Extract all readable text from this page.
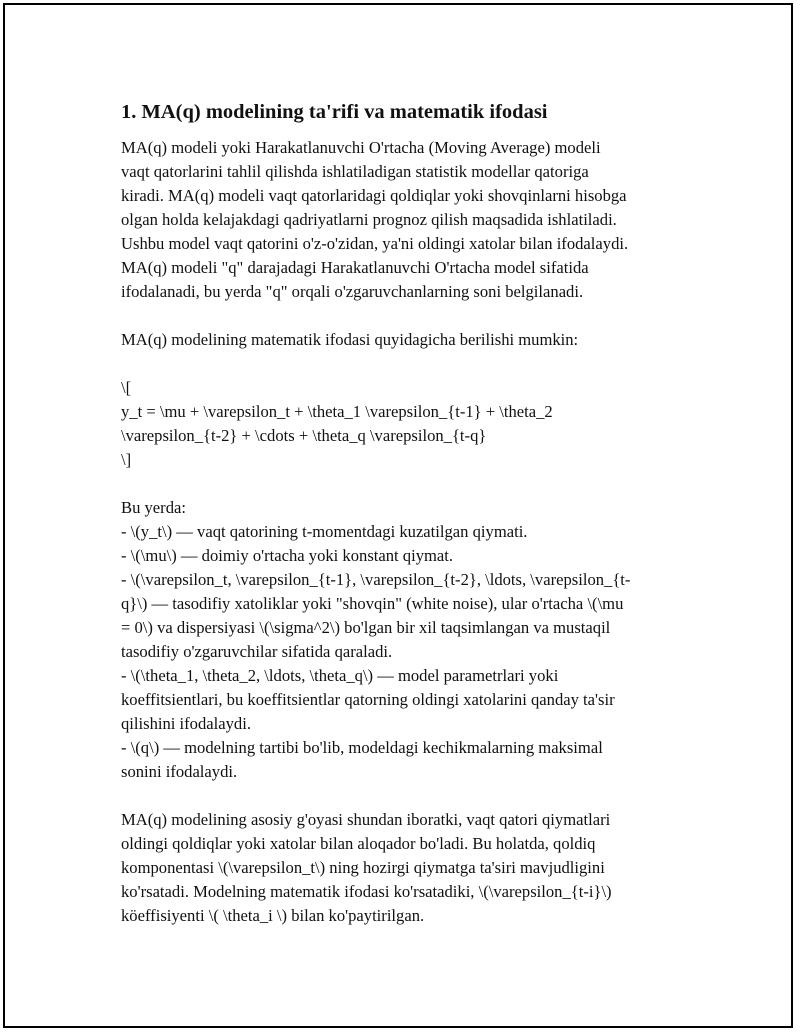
1. MA(q) modelining ta'rifi va matematik ifodasi

MA(q) modeli yoki Harakatlanuvchi O'rtacha (Moving Average) modeli
vaqt qatorlarini tahlil qilishda ishlatiladigan statistik modellar qatoriga
kiradi. MA(q) modeli vaqt qatorlaridagi qoldiqlar yoki shovqinlarni hisobga
olgan holda kelajakdagi qadriyatlarni prognoz qilish maqsadida ishlatiladi.
Ushbu model vaqt qatorini o'z-o'zidan, ya'ni oldingi xatolar bilan ifodalaydi.
MA(q) modeli "q" darajadagi Harakatlanuvchi O'rtacha model sifatida
ifodalanadi, bu yerda "q" orqali o'zgaruvchanlarning soni belgilanadi.

MA(q) modelining matematik ifodasi quyidagicha berilishi mumkin:

\[
y_t = \mu + \varepsilon_t + \theta_1 \varepsilon_{t-1} + \theta_2
\varepsilon_{t-2} + \cdots + \theta_q \varepsilon_{t-q}
\]

Bu yerda:
- \(y_t\) — vaqt qatorining t-momentdagi kuzatilgan qiymati.
- \(\mu\) — doimiy o'rtacha yoki konstant qiymat.
- \(\varepsilon_t, \varepsilon_{t-1}, \varepsilon_{t-2}, \ldots, \varepsilon_{t-
q}\) — tasodifiy xatoliklar yoki "shovqin" (white noise), ular o'rtacha \(\mu
= 0\) va dispersiyasi \(\sigma^2\) bo'lgan bir xil taqsimlangan va mustaqil
tasodifiy o'zgaruvchilar sifatida qaraladi.
- \(\theta_1, \theta_2, \ldots, \theta_q\) — model parametrlari yoki
koeffitsientlari, bu koeffitsientlar qatorning oldingi xatolarini qanday ta'sir
qilishini ifodalaydi.
- \(q\) — modelning tartibi bo'lib, modeldagi kechikmalarning maksimal
sonini ifodalaydi.

MA(q) modelining asosiy g'oyasi shundan iboratki, vaqt qatori qiymatlari
oldingi qoldiqlar yoki xatolar bilan aloqador bo'ladi. Bu holatda, qoldiq
komponentasi \(\varepsilon_t\) ning hozirgi qiymatga ta'siri mavjudligini
ko'rsatadi. Modelning matematik ifodasi ko'rsatadiki, \(\varepsilon_{t-i}\)
köeffisiyenti \( \theta_i \) bilan ko'paytirilgan.
